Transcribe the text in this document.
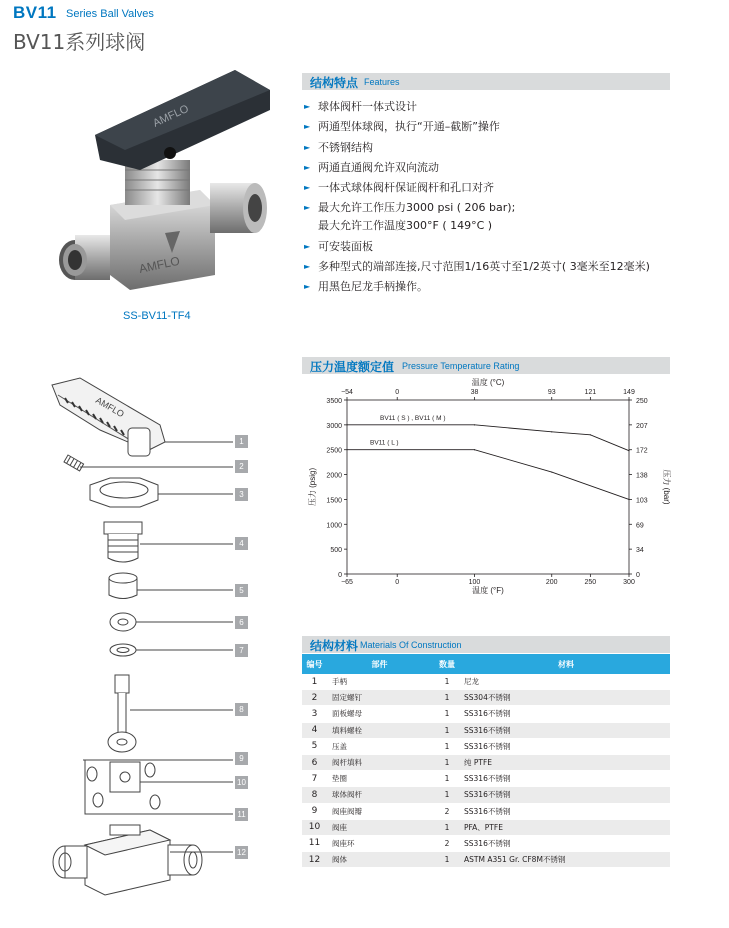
BV11 Series Ball Valves
BV11系列球阀
AMFLO
AMFLO
SS-BV11-TF4
结构特点 Features
► 球体阀杆一体式设计
► 两通型体球阀，执行“开通–截断”操作
► 不锈钢结构
► 两通直通阀允许双向流动
► 一体式球体阀杆保证阀杆和孔口对齐
► 最大允许工作压力3000 psi ( 206 bar);
最大允许工作温度300°F ( 149°C )
► 可安装面板
► 多种型式的端部连接,尺寸范围1/16英寸至1/2英寸( 3毫米至12毫米)
► 用黑色尼龙手柄操作。
AMFLO
1
2
3
4
5
6
7
8
9
10
11
12
压力温度额定值 Pressure Temperature Rating
0	0
500	34
1000	69
1500	103
2000	138
2500	172
3000	207
3500	250
−65
−54
0
0
100
38
200
93
250
121
300
149
温度 (°F)
温度 (°C)
压力 (psig)	压力 (bar)
BV11 ( S ) , BV11 ( M )
BV11 ( L )
结构材料 Materials Of Construction
编号	部件	数量	材料
1	手柄	1	尼龙
2	固定螺钉	1	SS304不锈钢
3	面板螺母	1	SS316不锈钢
4	填料螺栓	1	SS316不锈钢
5	压盖	1	SS316不锈钢
6	阀杆填料	1	纯 PTFE
7	垫圈	1	SS316不锈钢
8	球体阀杆	1	SS316不锈钢
9	阀座阀瓣	2	SS316不锈钢
10	阀座	1	PFA、PTFE
11	阀座环	2	SS316不锈钢
12	阀体	1	ASTM A351 Gr. CF8M不锈钢
